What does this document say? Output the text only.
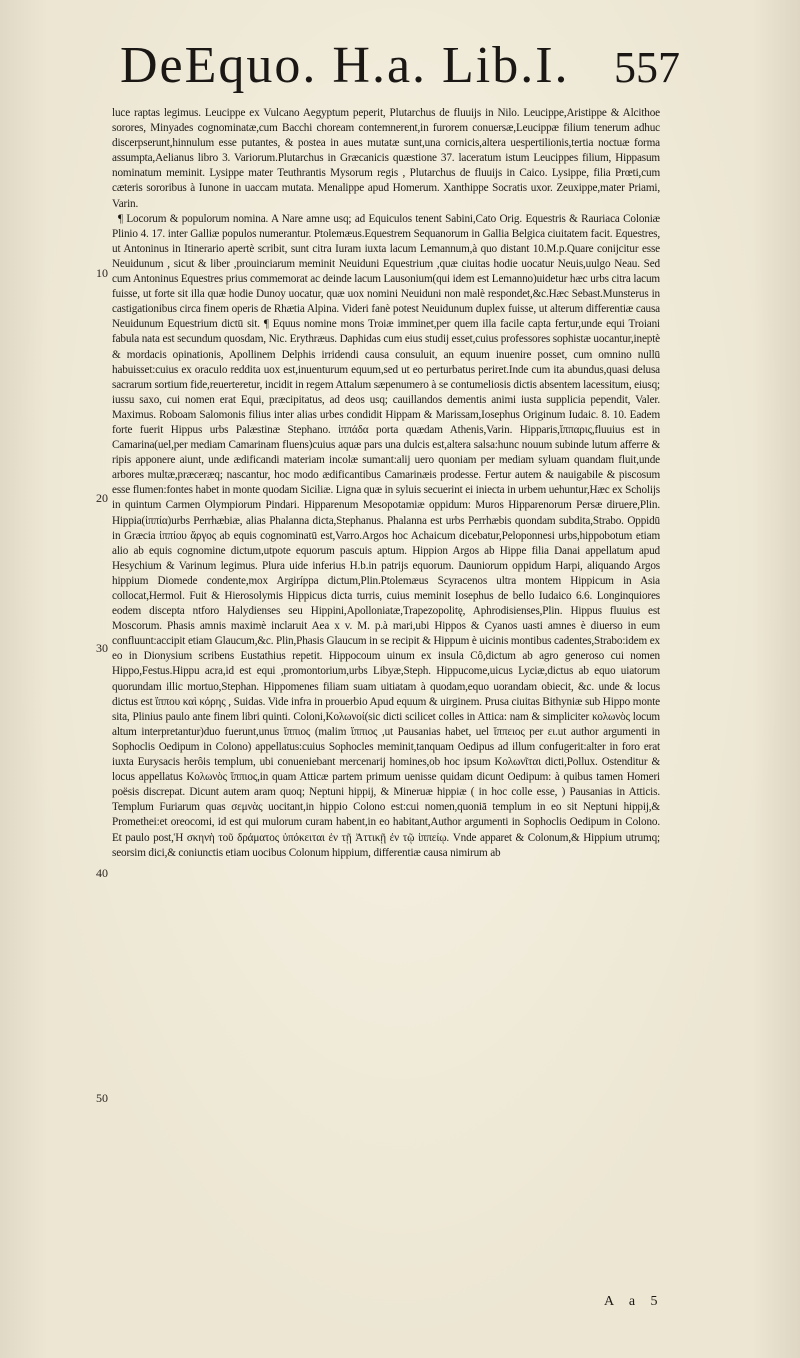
DeEquo. H.a. Lib.I. 557

luce raptas legimus. Leucippe ex Vulcano Aegyptum peperit, Plutarchus de fluuijs in Nilo. Leucippe,Aristippe & Alcithoe sorores, Minyades cognominatæ,cum Bacchi choream contemnerent,in furorem conuersæ,Leucippæ filium tenerum adhuc discerpserunt,hinnulum esse putantes, & postea in aues mutatæ sunt,una cornicis,altera uespertilionis,tertia noctuæ forma assumpta,Aelianus libro 3. Variorum.Plutarchus in Græcanicis quæstione 37. laceratum istum Leucippes filium, Hippasum nominatum meminit. Lysippe mater Teuthrantis Mysorum regis , Plutarchus de fluuijs in Caico. Lysippe, filia Prœti,cum cæteris sororibus à Iunone in uaccam mutata. Menalippe apud Homerum. Xanthippe Socratis uxor. Zeuxippe,mater Priami, Varin.

¶ Locorum & populorum nomina. A Nare amne usq; ad Equiculos tenent Sabini,Cato Orig. Equestris & Rauriaca Coloniæ Plinio 4. 17. inter Galliæ populos numerantur. Ptolemæus.Equestrem Sequanorum in Gallia Belgica ciuitatem facit. Equestres, ut Antoninus in Itinerario apertè scribit, sunt citra Iuram iuxta lacum Lemannum,à quo distant 10.M.p.Quare conijcitur esse Neuidunum , sicut & liber ,prouinciarum meminit Neuiduni Equestrium ,quæ ciuitas hodie uocatur Neuis,uulgo Neau. Sed cum Antoninus Equestres prius commemorat ac deinde lacum Lausonium(qui idem est Lemanno)uidetur hæc urbs citra lacum fuisse, ut forte sit illa quæ hodie Dunoy uocatur, quæ uox nomini Neuiduni non malè respondet,&c.Hæc Sebast.Munsterus in castigationibus circa finem operis de Rhætia Alpina. Videri fanè potest Neuidunum duplex fuisse, ut alterum differentiæ causa Neuidunum Equestrium dictū sit. ¶ Equus nomine mons Troiæ imminet,per quem illa facile capta fertur,unde equi Troiani fabula nata est secundum quosdam, Nic. Erythræus. Daphidas cum eius studij esset,cuius professores sophistæ uocantur,ineptè & mordacis opinationis, Apollinem Delphis irridendi causa consuluit, an equum inuenire posset, cum omnino nullū habuisset:cuius ex oraculo reddita uox est,inuenturum equum,sed ut eo perturbatus periret.Inde cum ita abundus,quasi delusa sacrarum sortium fide,reuerteretur, incidit in regem Attalum sæpenumero à se contumeliosis dictis absentem lacessitum, eiusq; iussu saxo, cui nomen erat Equi, præcipitatus, ad deos usq; cauillandos dementis animi iusta supplicia pependit, Valer. Maximus. Roboam Salomonis filius inter alias urbes condidit Hippam & Marissam,Iosephus Originum Iudaic. 8. 10. Eadem forte fuerit Hippus urbs Palæstinæ Stephano. ἱππάδα porta quædam Athenis,Varin. Hipparis,ἵππαρις,fluuius est in Camarina(uel,per mediam Camarinam fluens)cuius aquæ pars una dulcis est,altera salsa:hunc nouum subinde lutum afferre & ripis apponere aiunt, unde ædificandi materiam incolæ sumant:alij uero quoniam per mediam syluam quandam fluit,unde arbores multæ,præceræq; nascantur, hoc modo ædificantibus Camarinæis prodesse. Fertur autem & nauigabile & piscosum esse flumen:fontes habet in monte quodam Siciliæ. Ligna quæ in syluis secuerint ei iniecta in urbem uehuntur,Hæc ex Scholijs in quintum Carmen Olympiorum Pindari. Hipparenum Mesopotamiæ oppidum: Muros Hipparenorum Persæ diruere,Plin. Hippia(ἱππία)urbs Perrhæbiæ, alias Phalanna dicta,Stephanus. Phalanna est urbs Perrhæbis quondam subdita,Strabo. Oppidū in Græcia ἱππίου ἄργος ab equis cognominatū est,Varro.Argos hoc Achaicum dicebatur,Peloponnesi urbs,hippobotum etiam alio ab equis cognomine dictum,utpote equorum pascuis aptum. Hippion Argos ab Hippe filia Danai appellatum apud Hesychium & Varinum legimus. Plura uide inferius H.b.in patrijs equorum. Dauniorum oppidum Harpi, aliquando Argos hippium Diomede condente,mox Argiríppa dictum,Plin.Ptolemæus Scyracenos ultra montem Hippicum in Asia collocat,Hermol. Fuit & Hierosolymis Hippicus dicta turris, cuius meminit Iosephus de bello Iudaico 6.6. Longinquiores eodem discepta ntforo Halydienses seu Hippini,Apolloniatæ,Trapezopolitę, Aphrodisienses,Plin. Hippus fluuius est Moscorum. Phasis amnis maximè inclaruit Aea x v. M. p.à mari,ubi Hippos & Cyanos uasti amnes è diuerso in eum confluunt:accipit etiam Glaucum,&c. Plin,Phasis Glaucum in se recipit & Hippum è uicinis montibus cadentes,Strabo:idem ex eo in Dionysium scribens Eustathius repetit. Hippocoum uinum ex insula Cô,dictum ab agro generoso cui nomen Hippo,Festus.Hippu acra,id est equi ,promontorium,urbs Libyæ,Steph. Hippucome,uicus Lyciæ,dictus ab equo uiatorum quorundam illic mortuo,Stephan. Hippomenes filiam suam uitiatam à quodam,equo uorandam obiecit, &c. unde & locus dictus est ἵππου καὶ κόρης , Suidas. Vide infra in prouerbio Apud equum & uirginem. Prusa ciuitas Bithyniæ sub Hippo monte sita, Plinius paulo ante finem libri quinti. Coloni,Κολωνοί(sic dicti scilicet colles in Attica: nam & simpliciter κολωνὸς locum altum interpretantur)duo fuerunt,unus ἵππιος (malim ἵππιος ,ut Pausanias habet, uel ἵππειος per ει.ut author argumenti in Sophoclis Oedipum in Colono) appellatus:cuius Sophocles meminit,tanquam Oedipus ad illum confugerit:alter in foro erat iuxta Eurysacis herôis templum, ubi conueniebant mercenarij homines,ob hoc ipsum Κολωνῖται dicti,Pollux. Ostenditur & locus appellatus Κολωνὸς ἵππιος,in quam Atticæ partem primum uenisse quidam dicunt Oedipum: à quibus tamen Homeri poësis discrepat. Dicunt autem aram quoq; Neptuni hippij, & Mineruæ hippiæ ( in hoc colle esse, ) Pausanias in Atticis. Templum Furiarum quas σεμνὰς uocitant,in hippio Colono est:cui nomen,quoniā templum in eo sit Neptuni hippij,& Promethei:et oreocomi, id est qui mulorum curam habent,in eo habitant,Author argumenti in Sophoclis Oedipum in Colono. Et paulo post,Ἡ σκηνὴ τοῦ δράματος ὑπόκειται ἐν τῇ Ἀττικῇ ἐν τῷ ἱππείῳ. Vnde apparet & Colonum,& Hippium utrumq; seorsim dici,& coniunctis etiam uocibus Colonum hippium, differentiæ causa nimirum ab

10
20
30
40
50
A a 5
